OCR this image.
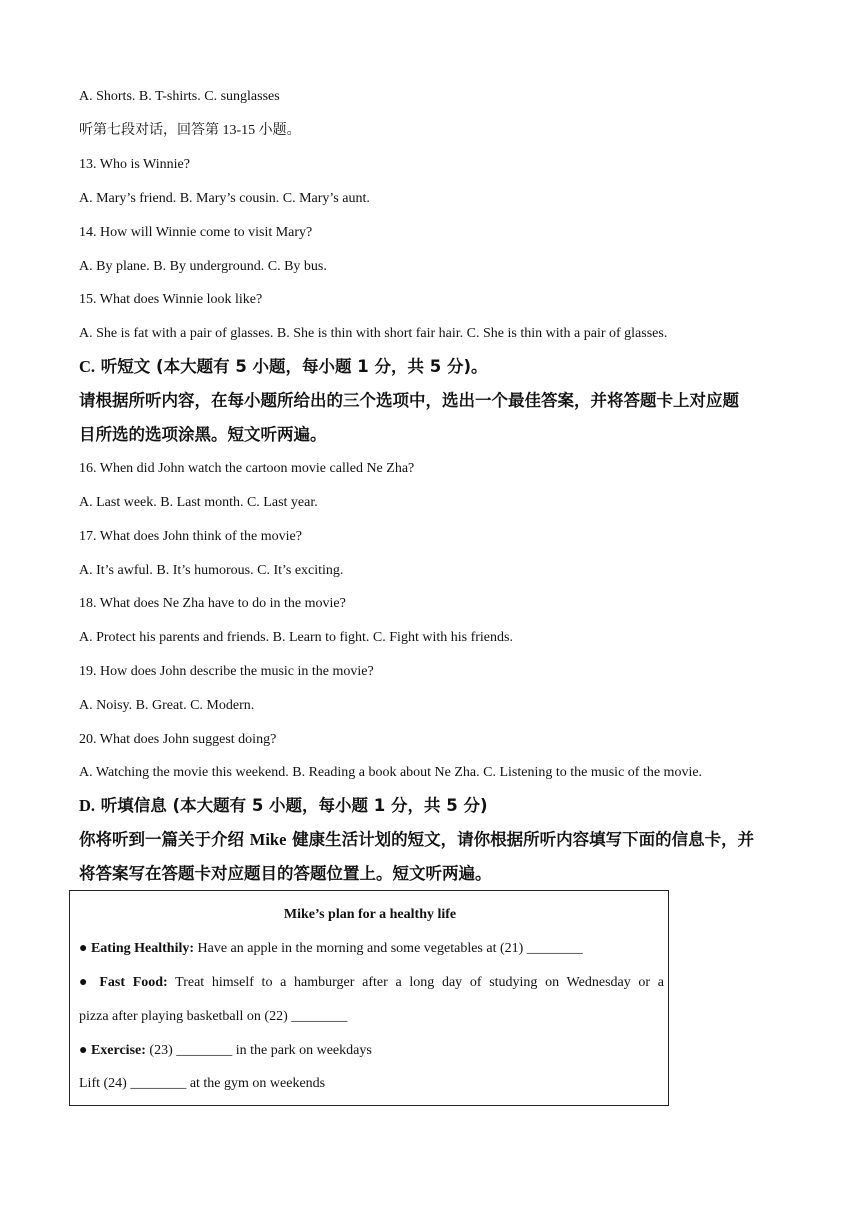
A. Shorts. B. T-shirts. C. sunglasses
听第七段对话，回答第 13-15 小题。
13. Who is Winnie?
A. Mary’s friend. B. Mary’s cousin. C. Mary’s aunt.
14. How will Winnie come to visit Mary?
A. By plane. B. By underground. C. By bus.
15. What does Winnie look like?
A. She is fat with a pair of glasses. B. She is thin with short fair hair. C. She is thin with a pair of glasses.
C. 听短文 (本大题有 5 小题，每小题 1 分，共 5 分)。
请根据所听内容，在每小题所给出的三个选项中，选出一个最佳答案，并将答题卡上对应题
目所选的选项涂黑。短文听两遍。
16. When did John watch the cartoon movie called Ne Zha?
A. Last week. B. Last month. C. Last year.
17. What does John think of the movie?
A. It’s awful. B. It’s humorous. C. It’s exciting.
18. What does Ne Zha have to do in the movie?
A. Protect his parents and friends. B. Learn to fight. C. Fight with his friends.
19. How does John describe the music in the movie?
A. Noisy. B. Great. C. Modern.
20. What does John suggest doing?
A. Watching the movie this weekend. B. Reading a book about Ne Zha. C. Listening to the music of the movie.
D. 听填信息 (本大题有 5 小题，每小题 1 分，共 5 分)
你将听到一篇关于介绍 Mike 健康生活计划的短文，请你根据所听内容填写下面的信息卡，并
将答案写在答题卡对应题目的答题位置上。短文听两遍。
Mike’s plan for a healthy life
● Eating Healthily: Have an apple in the morning and some vegetables at (21) ________
● Fast Food: Treat himself to a hamburger after a long day of studying on Wednesday or a
pizza after playing basketball on (22) ________
● Exercise: (23) ________ in the park on weekdays
Lift (24) ________ at the gym on weekends
